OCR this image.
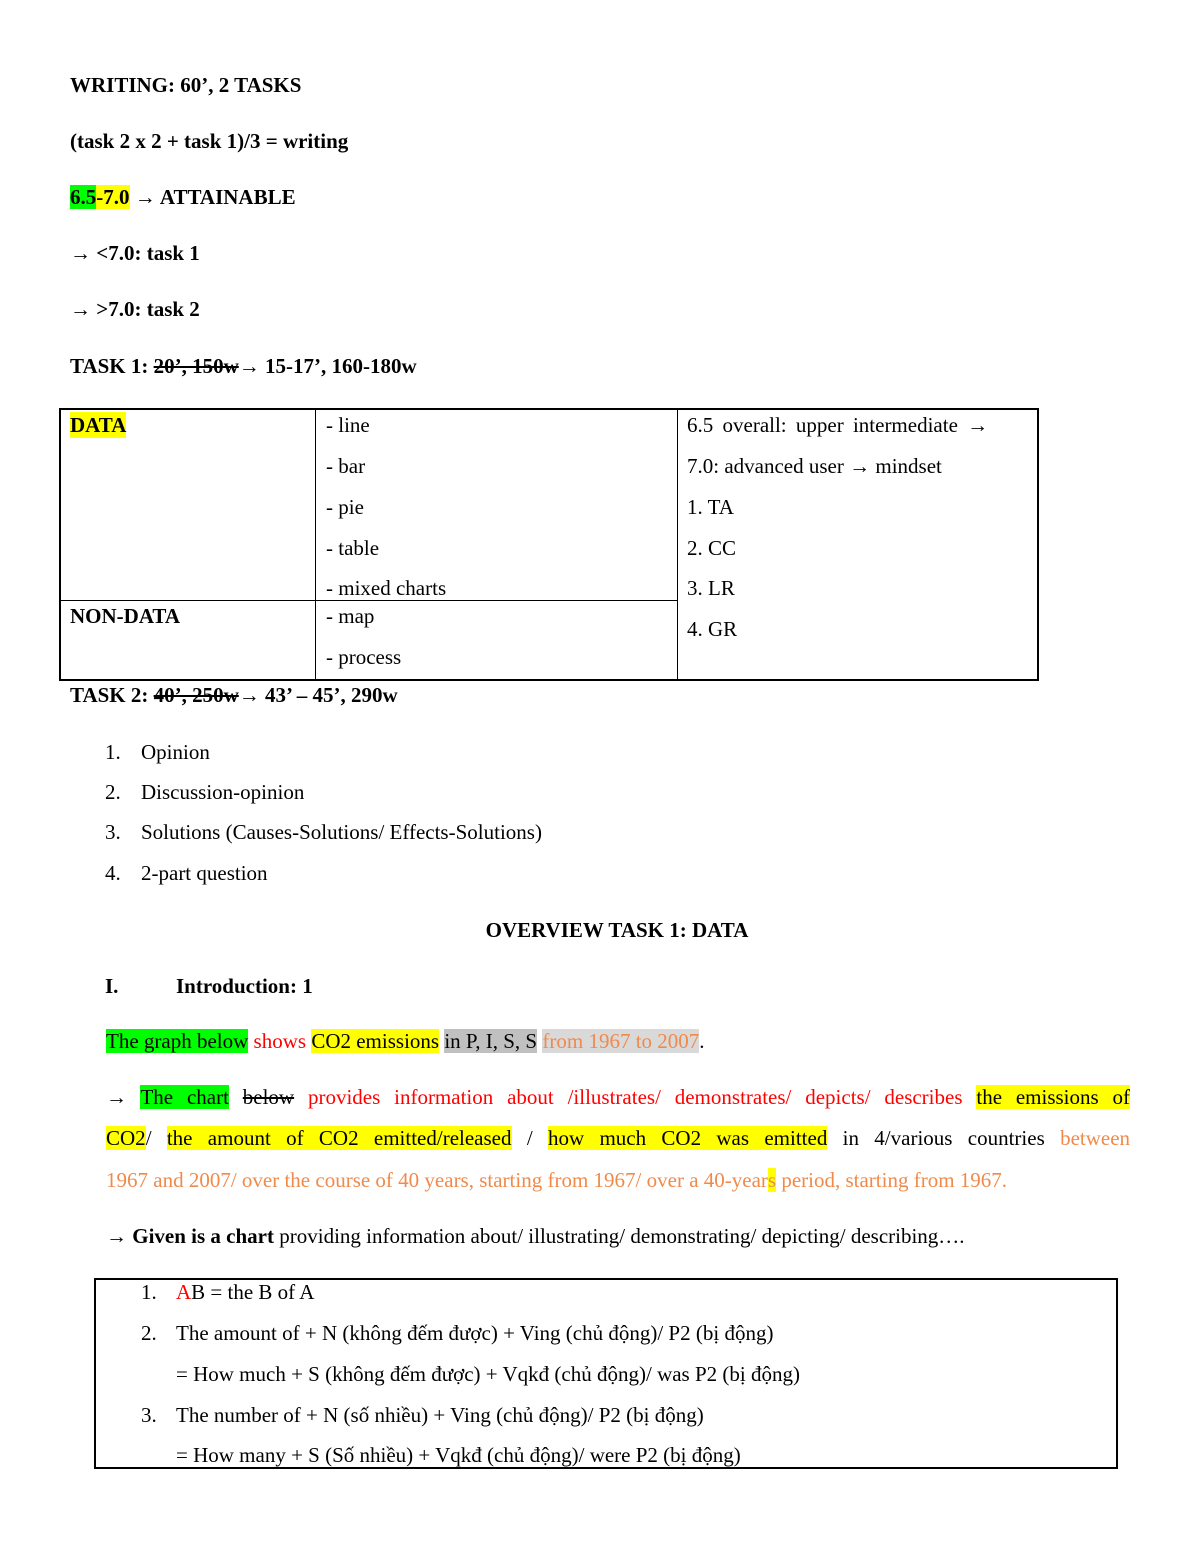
WRITING: 60’, 2 TASKS
(task 2 x 2 + task 1)/3 = writing
6.5-7.0 → ATTAINABLE
→ <7.0: task 1
→ >7.0: task 2
TASK 1: 20’, 150w→ 15-17’, 160-180w
DATA
NON-DATA
- line
- bar
- pie
- table
- mixed charts
- map
- process
6.5 overall: upper intermediate →
7.0: advanced user → mindset
1. TA
2. CC
3. LR
4. GR
TASK 2: 40’, 250w→ 43’ – 45’, 290w
1. Opinion
2. Discussion-opinion
3. Solutions (Causes-Solutions/ Effects-Solutions)
4. 2-part question
OVERVIEW TASK 1: DATA
I.	Introduction: 1
The graph below shows CO2 emissions in P, I, S, S from 1967 to 2007.
→ The chart below provides information about /illustrates/ demonstrates/ depicts/ describes the emissions of
CO2/ the amount of CO2 emitted/released / how much CO2 was emitted in 4/various countries between
1967 and 2007/ over the course of 40 years, starting from 1967/ over a 40-years period, starting from 1967.
→ Given is a chart providing information about/ illustrating/ demonstrating/ depicting/ describing….
1. AB = the B of A
2. The amount of + N (không đếm được) + Ving (chủ động)/ P2 (bị động)
= How much + S (không đếm được) + Vqkđ (chủ động)/ was P2 (bị động)
3. The number of + N (số nhiều) + Ving (chủ động)/ P2 (bị động)
= How many + S (Số nhiều) + Vqkđ (chủ động)/ were P2 (bị động)
